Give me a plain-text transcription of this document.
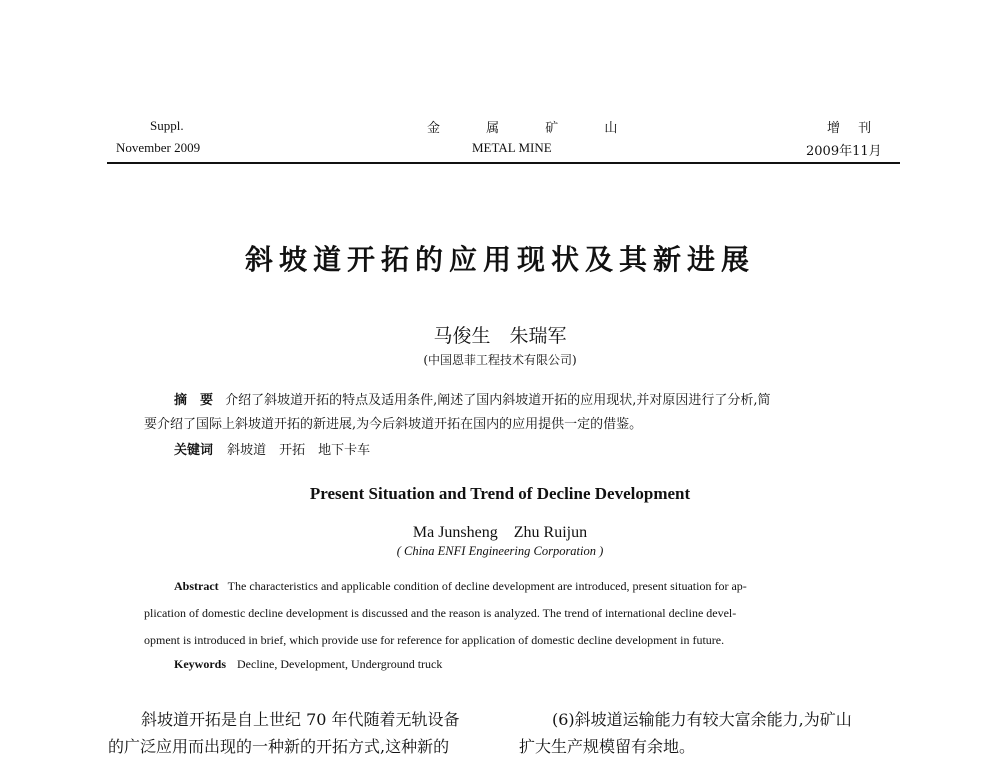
Suppl.
November 2009
金 属 矿 山
METAL MINE
增 刊
2009年11月
斜坡道开拓的应用现状及其新进展
马俊生　朱瑞军
(中国恩菲工程技术有限公司)
摘　要 介绍了斜坡道开拓的特点及适用条件,阐述了国内斜坡道开拓的应用现状,并对原因进行了分析,简
要介绍了国际上斜坡道开拓的新进展,为今后斜坡道开拓在国内的应用提供一定的借鉴。
关键词 斜坡道　开拓　地下卡车
Present Situation and Trend of Decline Development
Ma Junsheng　Zhu Ruijun
( China ENFI Engineering Corporation )
Abstract The characteristics and applicable condition of decline development are introduced, present situation for ap-
plication of domestic decline development is discussed and the reason is analyzed. The trend of international decline devel-
opment is introduced in brief, which provide use for reference for application of domestic decline development in future.
Keywords Decline, Development, Underground truck
斜坡道开拓是自上世纪 70 年代随着无轨设备
的广泛应用而出现的一种新的开拓方式,这种新的
(6)斜坡道运输能力有较大富余能力,为矿山
扩大生产规模留有余地。
